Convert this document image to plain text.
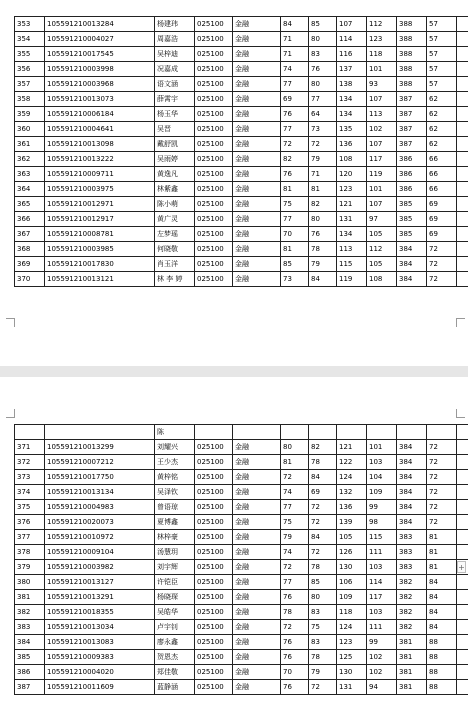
353	105591210013284	杨建玮	025100	金融	84	85	107	112	388	57	
354	105591210004027	周嘉浩	025100	金融	71	80	114	123	388	57	
355	105591210017545	吴梓迪	025100	金融	71	83	116	118	388	57	
356	105591210003998	况嘉成	025100	金融	74	76	137	101	388	57	
357	105591210003968	语文涵	025100	金融	77	80	138	93	388	57	
358	105591210013073	薛霄宇	025100	金融	69	77	134	107	387	62	
359	105591210006184	杨玉华	025100	金融	76	64	134	113	387	62	
360	105591210004641	吴晋	025100	金融	77	73	135	102	387	62	
361	105591210013098	戴舒凯	025100	金融	72	72	136	107	387	62	
362	105591210013222	吴雨婷	025100	金融	82	79	108	117	386	66	
363	105591210009711	黄逸凡	025100	金融	76	71	120	119	386	66	
364	105591210003975	林紫鑫	025100	金融	81	81	123	101	386	66	
365	105591210012971	陈小萌	025100	金融	75	82	121	107	385	69	
366	105591210012917	黄广灵	025100	金融	77	80	131	97	385	69	
367	105591210008781	左梦瑶	025100	金融	70	76	134	105	385	69	
368	105591210003985	何晓敬	025100	金融	81	78	113	112	384	72	
369	105591210017830	肖玉洋	025100	金融	85	79	115	105	384	72	
370	105591210013121	林 李 婷	025100	金融	73	84	119	108	384	72	
		陈									
371	105591210013299	刘耀兴	025100	金融	80	82	121	101	384	72	
372	105591210007212	王少杰	025100	金融	81	78	122	103	384	72	
373	105591210017750	黄梓铭	025100	金融	72	84	124	104	384	72	
374	105591210013134	吴泽钦	025100	金融	74	69	132	109	384	72	
375	105591210004983	曾语琼	025100	金融	77	72	136	99	384	72	
376	105591210020073	夏博鑫	025100	金融	75	72	139	98	384	72	
377	105591210010972	林梓豪	025100	金融	79	84	105	115	383	81	
378	105591210009104	汤慧玥	025100	金融	74	72	126	111	383	81	
379	105591210003982	刘宇辉	025100	金融	72	78	130	103	383	81	
380	105591210013127	许铠臣	025100	金融	77	85	106	114	382	84	
381	105591210013291	杨晓琛	025100	金融	76	80	109	117	382	84	
382	105591210018355	吴皓华	025100	金融	78	83	118	103	382	84	
383	105591210013034	卢宇钊	025100	金融	72	75	124	111	382	84	
384	105591210013083	廖永鑫	025100	金融	76	83	123	99	381	88	
385	105591210009383	贺恩杰	025100	金融	76	78	125	102	381	88	
386	105591210004020	郑佳敬	025100	金融	70	79	130	102	381	88	
387	105591210011609	蓝静涵	025100	金融	76	72	131	94	381	88	
+
